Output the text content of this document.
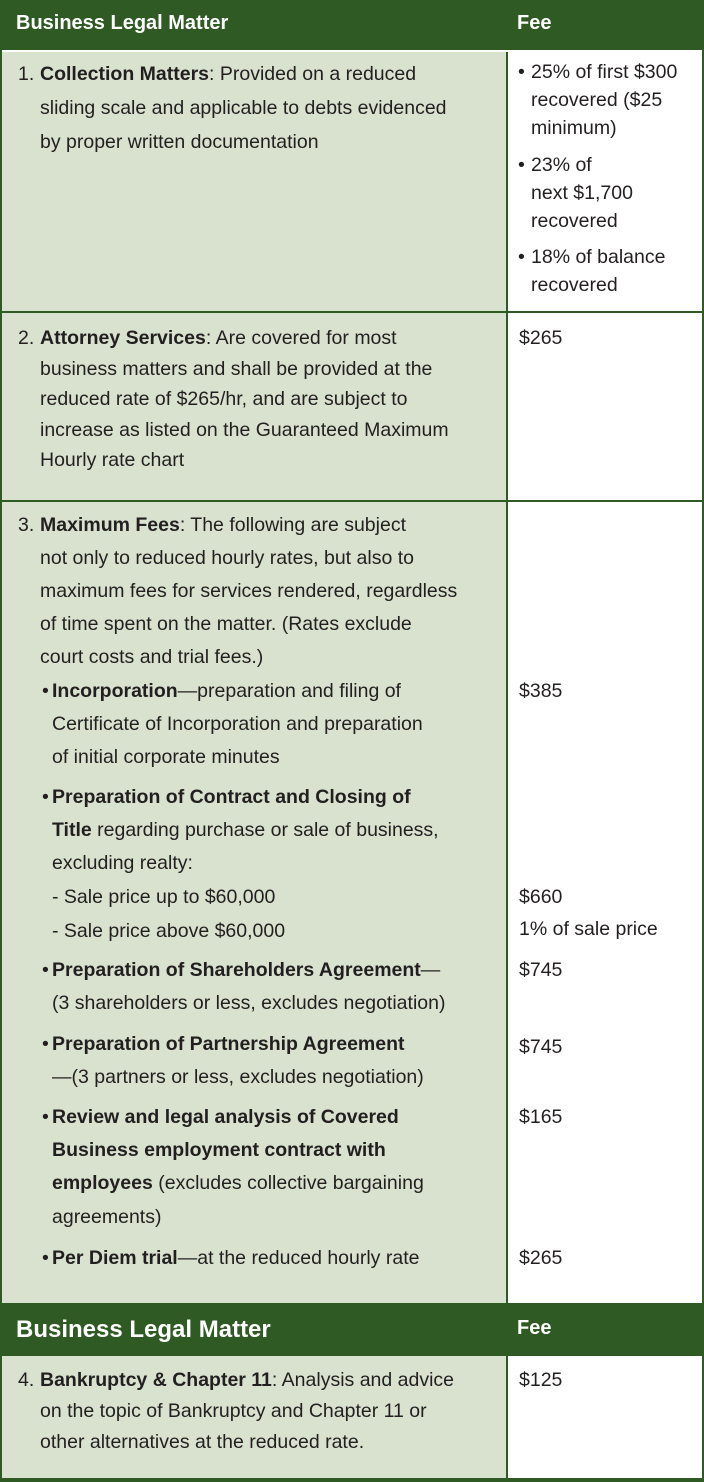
Business Legal Matter	Fee
1. Collection Matters: Provided on a reduced
sliding scale and applicable to debts evidenced
by proper written documentation
• 25% of first $300
recovered ($25
minimum)
• 23% of
next $1,700
recovered
• 18% of balance
recovered
2. Attorney Services: Are covered for most
business matters and shall be provided at the
reduced rate of $265/hr, and are subject to
increase as listed on the Guaranteed Maximum
Hourly rate chart
$265
3. Maximum Fees: The following are subject
not only to reduced hourly rates, but also to
maximum fees for services rendered, regardless
of time spent on the matter. (Rates exclude
court costs and trial fees.)
• Incorporation—preparation and filing of
Certificate of Incorporation and preparation
of initial corporate minutes
• Preparation of Contract and Closing of
Title regarding purchase or sale of business,
excluding realty:
- Sale price up to $60,000
- Sale price above $60,000
• Preparation of Shareholders Agreement—
(3 shareholders or less, excludes negotiation)
• Preparation of Partnership Agreement
—(3 partners or less, excludes negotiation)
• Review and legal analysis of Covered
Business employment contract with
employees (excludes collective bargaining
agreements)
• Per Diem trial—at the reduced hourly rate
$385
$660
1% of sale price
$745
$745
$165
$265
Business Legal Matter	Fee
4. Bankruptcy & Chapter 11: Analysis and advice
on the topic of Bankruptcy and Chapter 11 or
other alternatives at the reduced rate.
$125
